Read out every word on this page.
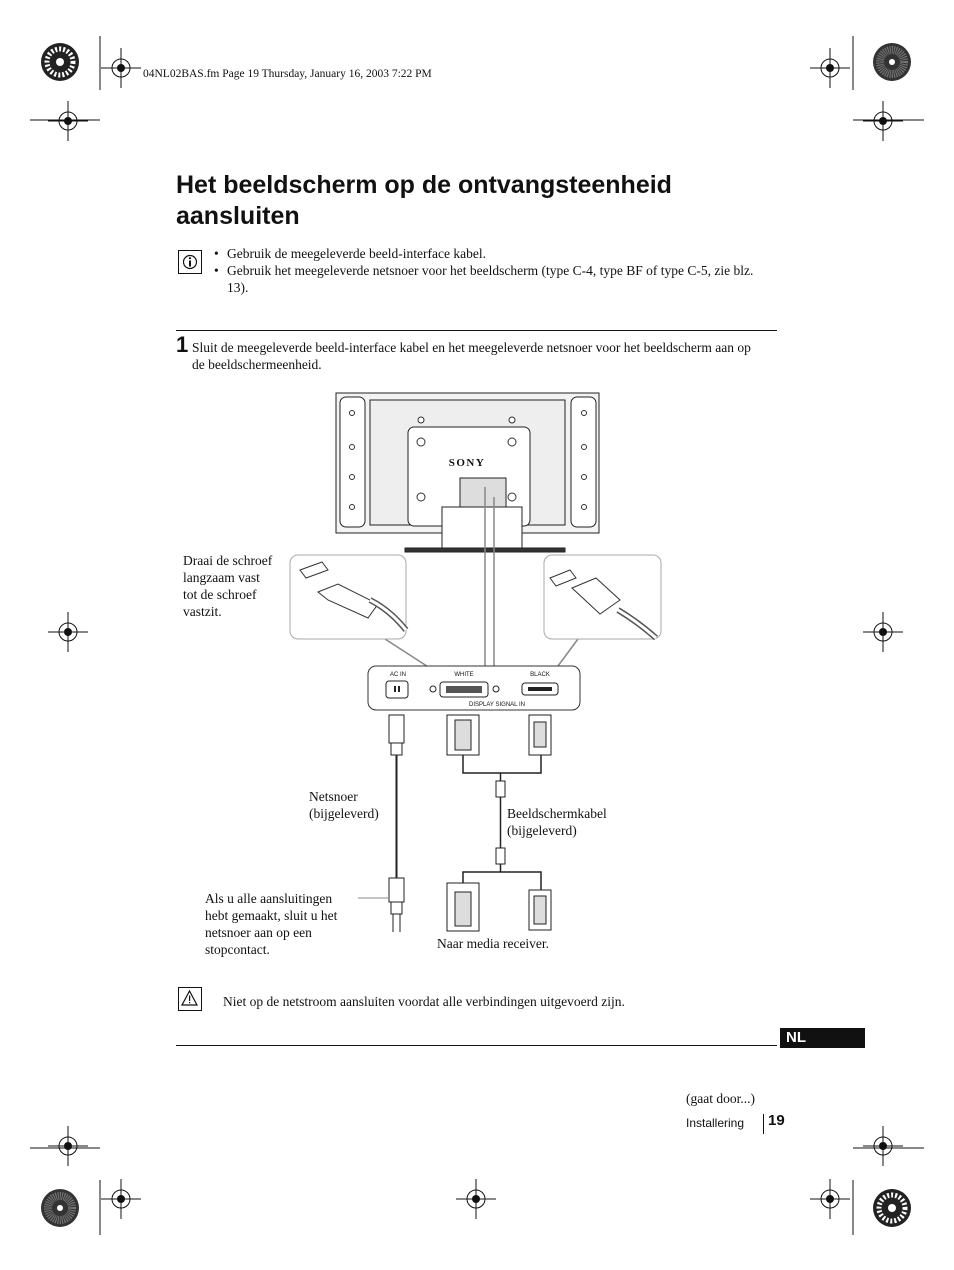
04NL02BAS.fm Page 19 Thursday, January 16, 2003 7:22 PM
Het beeldscherm op de ontvangsteenheid
aansluiten
• Gebruik de meegeleverde beeld-interface kabel.
• Gebruik het meegeleverde netsnoer voor het beeldscherm (type C-4, type BF of type C-5, zie blz. 13).
1 Sluit de meegeleverde beeld-interface kabel en het meegeleverde netsnoer voor het beeldscherm aan op de beeldschermeenheid.
SONY
AC IN	WHITE	BLACK
DISPLAY SIGNAL IN
Draai de schroef
langzaam vast
tot de schroef
vastzit.
Netsnoer
(bijgeleverd)	Beeldschermkabel
(bijgeleverd)
Als u alle aansluitingen
hebt gemaakt, sluit u het
netsnoer aan op een
stopcontact.	Naar media receiver.
Niet op de netstroom aansluiten voordat alle verbindingen uitgevoerd zijn.
NL
(gaat door...)
Installering 19
